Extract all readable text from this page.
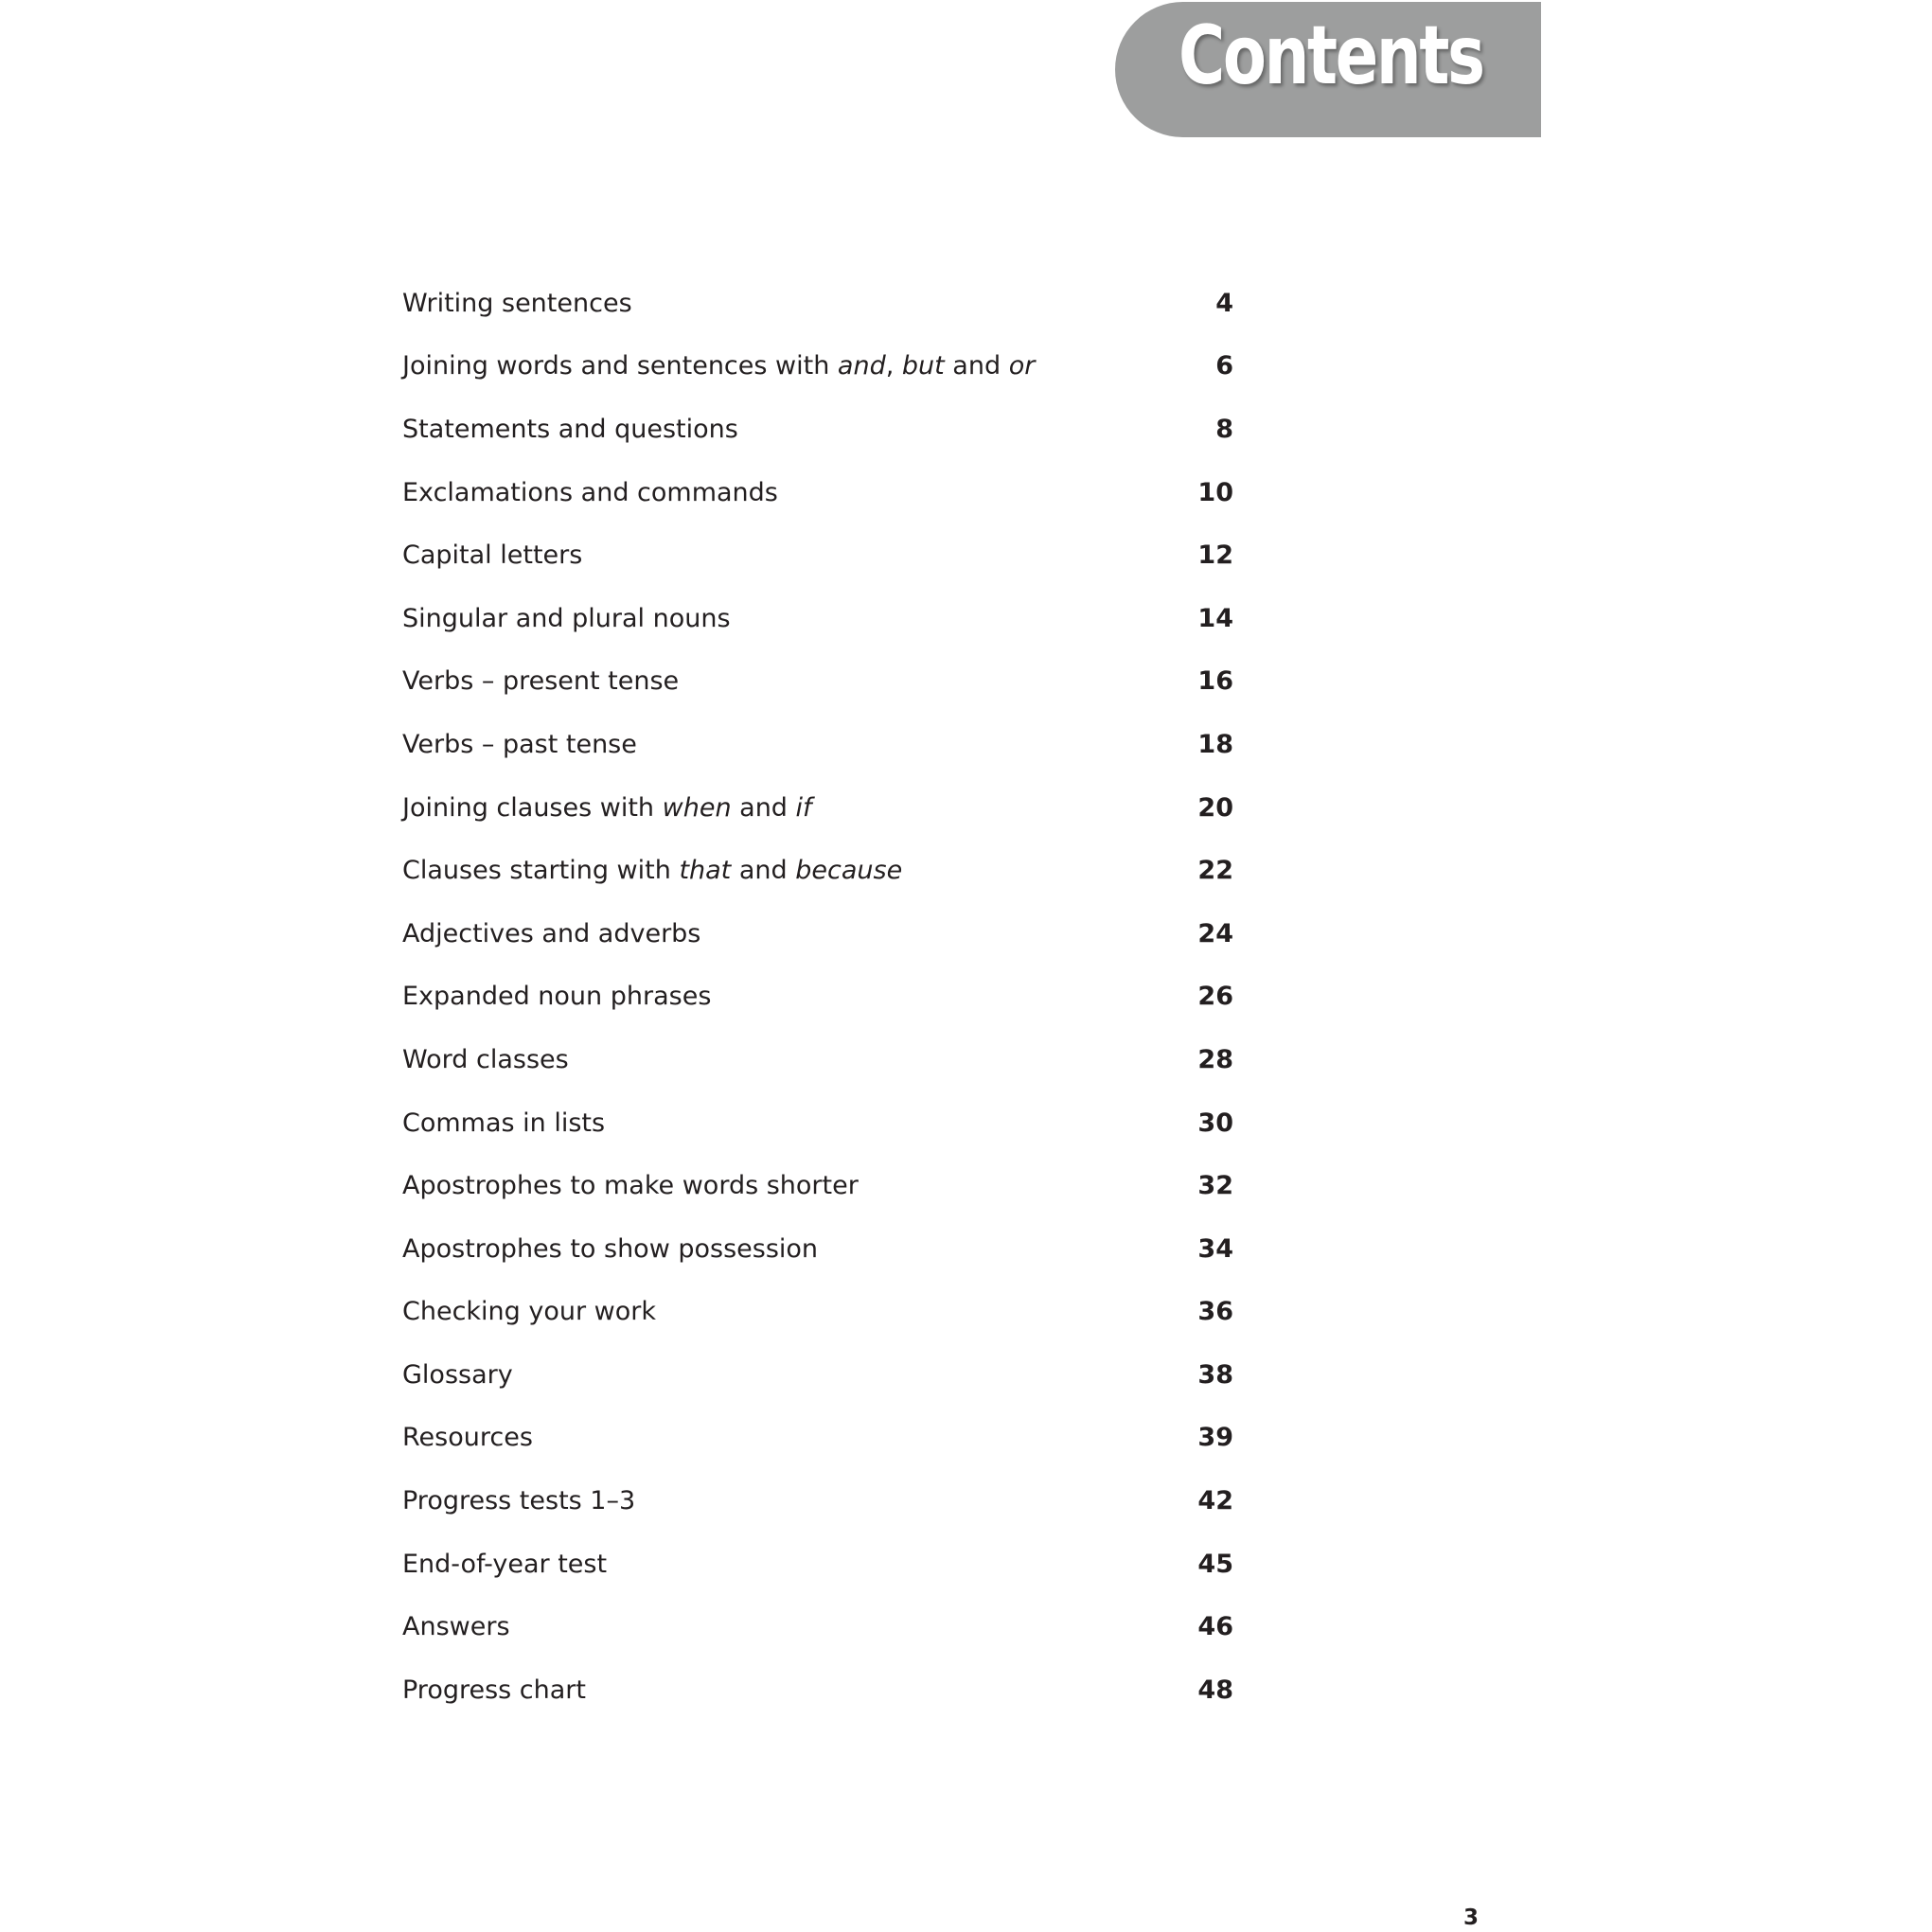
Contents
Writing sentences	4
Joining words and sentences with and, but and or	6
Statements and questions	8
Exclamations and commands	10
Capital letters	12
Singular and plural nouns	14
Verbs – present tense	16
Verbs – past tense	18
Joining clauses with when and if	20
Clauses starting with that and because	22
Adjectives and adverbs	24
Expanded noun phrases	26
Word classes	28
Commas in lists	30
Apostrophes to make words shorter	32
Apostrophes to show possession	34
Checking your work	36
Glossary	38
Resources	39
Progress tests 1–3	42
End-of-year test	45
Answers	46
Progress chart	48
3
